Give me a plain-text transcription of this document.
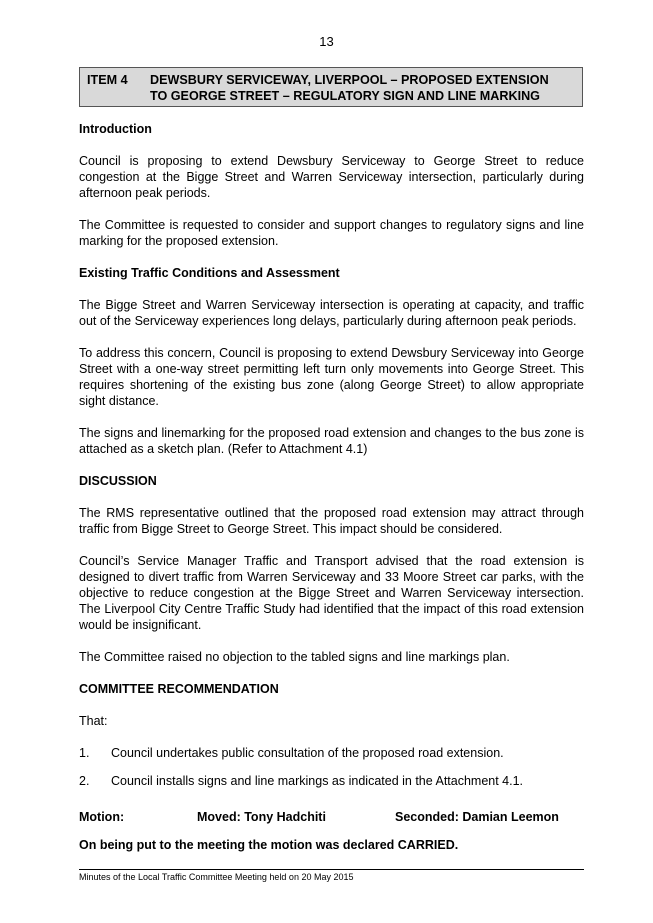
13
ITEM 4 DEWSBURY SERVICEWAY, LIVERPOOL – PROPOSED EXTENSION
TO GEORGE STREET – REGULATORY SIGN AND LINE MARKING
Introduction
Council is proposing to extend Dewsbury Serviceway to George Street to reduce congestion at the Bigge Street and Warren Serviceway intersection, particularly during afternoon peak periods.
The Committee is requested to consider and support changes to regulatory signs and line marking for the proposed extension.
Existing Traffic Conditions and Assessment
The Bigge Street and Warren Serviceway intersection is operating at capacity, and traffic out of the Serviceway experiences long delays, particularly during afternoon peak periods.
To address this concern, Council is proposing to extend Dewsbury Serviceway into George Street with a one-way street permitting left turn only movements into George Street. This requires shortening of the existing bus zone (along George Street) to allow appropriate sight distance.
The signs and linemarking for the proposed road extension and changes to the bus zone is attached as a sketch plan. (Refer to Attachment 4.1)
DISCUSSION
The RMS representative outlined that the proposed road extension may attract through traffic from Bigge Street to George Street. This impact should be considered.
Council’s Service Manager Traffic and Transport advised that the road extension is designed to divert traffic from Warren Serviceway and 33 Moore Street car parks, with the objective to reduce congestion at the Bigge Street and Warren Serviceway intersection. The Liverpool City Centre Traffic Study had identified that the impact of this road extension would be insignificant.
The Committee raised no objection to the tabled signs and line markings plan.
COMMITTEE RECOMMENDATION
That:
1.	Council undertakes public consultation of the proposed road extension.
2.	Council installs signs and line markings as indicated in the Attachment 4.1.
Motion:	Moved: Tony Hadchiti	Seconded: Damian Leemon
On being put to the meeting the motion was declared CARRIED.
Minutes of the Local Traffic Committee Meeting held on 20 May 2015
